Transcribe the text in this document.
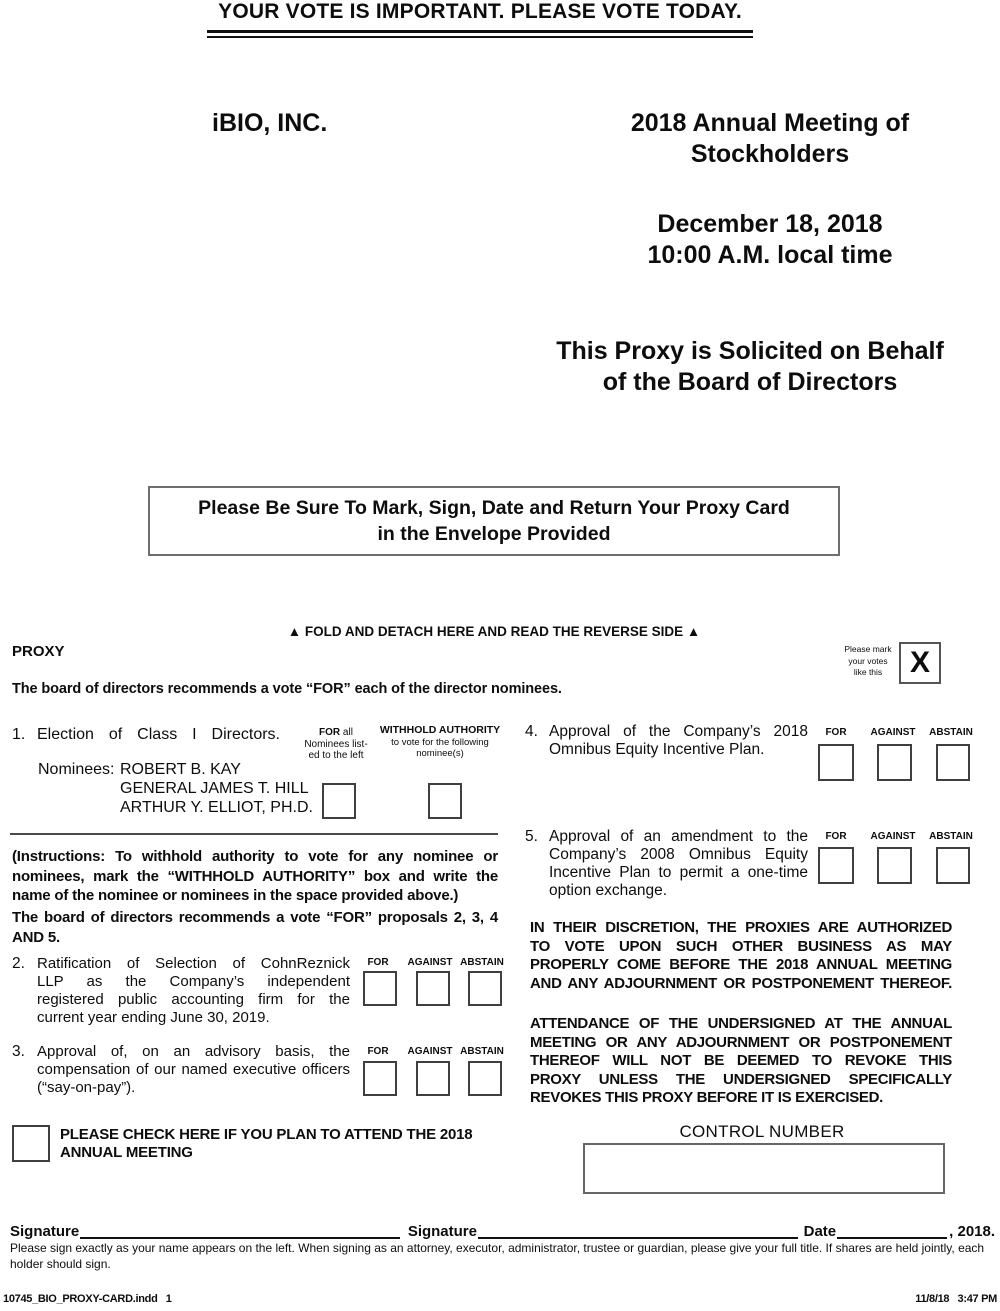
YOUR VOTE IS IMPORTANT. PLEASE VOTE TODAY.
iBIO, INC.	2018 Annual Meeting of
Stockholders
December 18, 2018
10:00 A.M. local time
This Proxy is Solicited on Behalf
of the Board of Directors
Please Be Sure To Mark, Sign, Date and Return Your Proxy Card
in the Envelope Provided
▲ FOLD AND DETACH HERE AND READ THE REVERSE SIDE ▲
PROXY	Please mark
your votes
like this X
The board of directors recommends a vote “FOR” each of the director nominees.
1. Election of Class I Directors.	FOR all
Nominees list-
ed to the left
WITHHOLD AUTHORITY
to vote for the following
nominee(s)
Nominees: ROBERT B. KAY
GENERAL JAMES T. HILL
ARTHUR Y. ELLIOT, PH.D.
(Instructions: To withhold authority to vote for any nominee or
nominees, mark the “WITHHOLD AUTHORITY” box and write the
name of the nominee or nominees in the space provided above.)
The board of directors recommends a vote “FOR” proposals 2, 3, 4
AND 5.
2. Ratification of Selection of CohnReznick
LLP as the Company’s independent
registered public accounting firm for the
current year ending June 30, 2019.
FOR	AGAINST ABSTAIN
3. Approval of, on an advisory basis, the
compensation of our named executive officers
(“say-on-pay”).
FOR	AGAINST ABSTAIN
4. Approval of the Company’s 2018
Omnibus Equity Incentive Plan.
FOR	AGAINST	ABSTAIN
5. Approval of an amendment to the
Company’s 2008 Omnibus Equity
Incentive Plan to permit a one-time
option exchange.
FOR	AGAINST	ABSTAIN
IN THEIR DISCRETION, THE PROXIES ARE AUTHORIZED
TO VOTE UPON SUCH OTHER BUSINESS AS MAY
PROPERLY COME BEFORE THE 2018 ANNUAL MEETING
AND ANY ADJOURNMENT OR POSTPONEMENT THEREOF.
ATTENDANCE OF THE UNDERSIGNED AT THE ANNUAL
MEETING OR ANY ADJOURNMENT OR POSTPONEMENT
THEREOF WILL NOT BE DEEMED TO REVOKE THIS
PROXY UNLESS THE UNDERSIGNED SPECIFICALLY
REVOKES THIS PROXY BEFORE IT IS EXERCISED.
PLEASE CHECK HERE IF YOU PLAN TO ATTEND THE 2018 ANNUAL MEETING
CONTROL NUMBER
Signature	Signature	Date	, 2018.
Please sign exactly as your name appears on the left. When signing as an attorney, executor, administrator, trustee or guardian, please give your full title. If shares are held jointly, each holder should sign.
10745_BIO_PROXY-CARD.indd   1	11/8/18   3:47 PM
